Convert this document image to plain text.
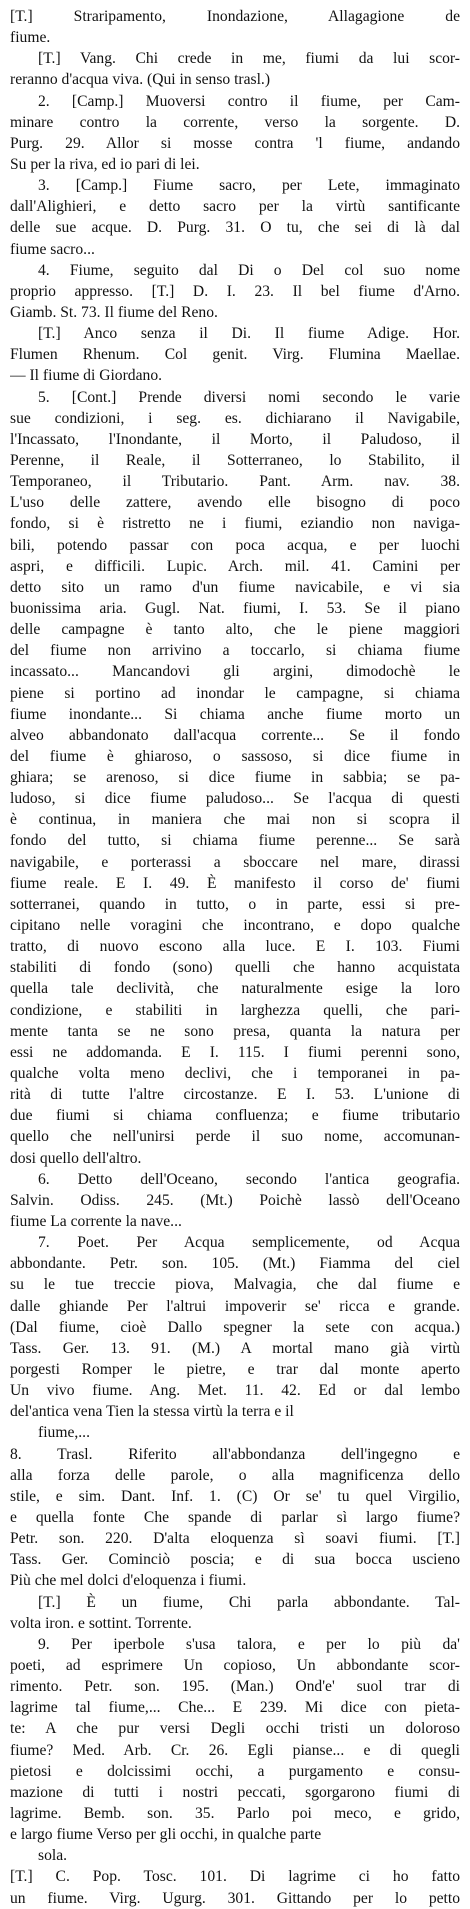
[T.] Straripamento, Inondazione, Allagagione de
fiume.
[T.] Vang. Chi crede in me, fiumi da lui scor-
reranno d'acqua viva. (Qui in senso trasl.)
2. [Camp.] Muoversi contro il fiume, per Cam-
minare contro la corrente, verso la sorgente. D.
Purg. 29. Allor si mosse contra 'l fiume, andando
Su per la riva, ed io pari di lei.
3. [Camp.] Fiume sacro, per Lete, immaginato
dall'Alighieri, e detto sacro per la virtù santificante
delle sue acque. D. Purg. 31. O tu, che sei di là dal
fiume sacro...
4. Fiume, seguito dal Di o Del col suo nome
proprio appresso. [T.] D. I. 23. Il bel fiume d'Arno.
Giamb. St. 73. Il fiume del Reno.
[T.] Anco senza il Di. Il fiume Adige. Hor.
Flumen Rhenum. Col genit. Virg. Flumina Maellae.
— Il fiume di Giordano.
5. [Cont.] Prende diversi nomi secondo le varie
sue condizioni, i seg. es. dichiarano il Navigabile,
l'Incassato, l'Inondante, il Morto, il Paludoso, il
Perenne, il Reale, il Sotterraneo, lo Stabilito, il
Temporaneo, il Tributario. Pant. Arm. nav. 38.
L'uso delle zattere, avendo elle bisogno di poco
fondo, si è ristretto ne i fiumi, eziandio non naviga-
bili, potendo passar con poca acqua, e per luochi
aspri, e difficili. Lupic. Arch. mil. 41. Camini per
detto sito un ramo d'un fiume navicabile, e vi sia
buonissima aria. Gugl. Nat. fiumi, I. 53. Se il piano
delle campagne è tanto alto, che le piene maggiori
del fiume non arrivino a toccarlo, si chiama fiume
incassato... Mancandovi gli argini, dimodochè le
piene si portino ad inondar le campagne, si chiama
fiume inondante... Si chiama anche fiume morto un
alveo abbandonato dall'acqua corrente... Se il fondo
del fiume è ghiaroso, o sassoso, si dice fiume in
ghiara; se arenoso, si dice fiume in sabbia; se pa-
ludoso, si dice fiume paludoso... Se l'acqua di questi
è continua, in maniera che mai non si scopra il
fondo del tutto, si chiama fiume perenne... Se sarà
navigabile, e porterassi a sboccare nel mare, dirassi
fiume reale. E I. 49. È manifesto il corso de' fiumi
sotterranei, quando in tutto, o in parte, essi si pre-
cipitano nelle voragini che incontrano, e dopo qualche
tratto, di nuovo escono alla luce. E I. 103. Fiumi
stabiliti di fondo (sono) quelli che hanno acquistata
quella tale declività, che naturalmente esige la loro
condizione, e stabiliti in larghezza quelli, che pari-
mente tanta se ne sono presa, quanta la natura per
essi ne addomanda. E I. 115. I fiumi perenni sono,
qualche volta meno declivi, che i temporanei in pa-
rità di tutte l'altre circostanze. E I. 53. L'unione di
due fiumi si chiama confluenza; e fiume tributario
quello che nell'unirsi perde il suo nome, accomunan-
dosi quello dell'altro.
6. Detto dell'Oceano, secondo l'antica geografia.
Salvin. Odiss. 245. (Mt.) Poichè lassò dell'Oceano
fiume La corrente la nave...
7. Poet. Per Acqua semplicemente, od Acqua
abbondante. Petr. son. 105. (Mt.) Fiamma del ciel
su le tue treccie piova, Malvagia, che dal fiume e
dalle ghiande Per l'altrui impoverir se' ricca e grande.
(Dal fiume, cioè Dallo spegner la sete con acqua.)
Tass. Ger. 13. 91. (M.) A mortal mano già virtù
porgesti Romper le pietre, e trar dal monte aperto
Un vivo fiume. Ang. Met. 11. 42. Ed or dal lembo
del'antica vena Tien la stessa virtù la terra e il
fiume,...
8. Trasl. Riferito all'abbondanza dell'ingegno e
alla forza delle parole, o alla magnificenza dello
stile, e sim. Dant. Inf. 1. (C) Or se' tu quel Virgilio,
e quella fonte Che spande di parlar sì largo fiume?
Petr. son. 220. D'alta eloquenza sì soavi fiumi. [T.]
Tass. Ger. Cominciò poscia; e di sua bocca uscieno
Più che mel dolci d'eloquenza i fiumi.
[T.] È un fiume, Chi parla abbondante. Tal-
volta iron. e sottint. Torrente.
9. Per iperbole s'usa talora, e per lo più da'
poeti, ad esprimere Un copioso, Un abbondante scor-
rimento. Petr. son. 195. (Man.) Ond'e' suol trar di
lagrime tal fiume,... Che... E 239. Mi dice con pietа-
te: A che pur versi Degli occhi tristi un doloroso
fiume? Med. Arb. Cr. 26. Egli pianse... e di quegli
pietosi e dolcissimi occhi, a purgamento e consu-
mazione di tutti i nostri peccati, sgorgarono fiumi di
lagrime. Bemb. son. 35. Parlo poi meco, e grido,
e largo fiume Verso per gli occhi, in qualche parte
sola.
[T.] C. Pop. Tosc. 101. Di lagrime ci ho fatto
un fiume. Virg. Ugurg. 301. Gittando per lo petto
